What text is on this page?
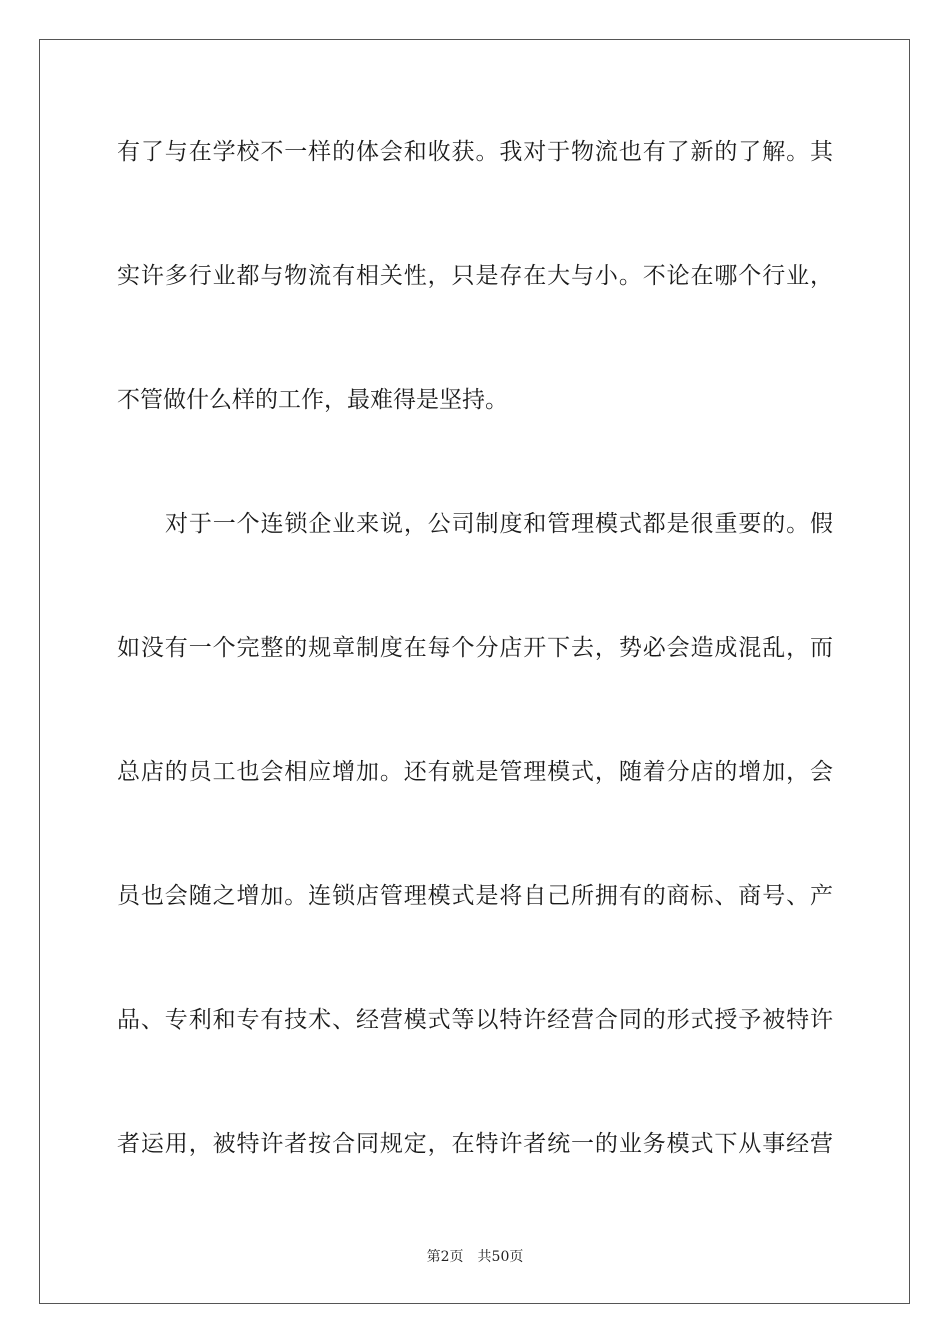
有了与在学校不一样的体会和收获。我对于物流也有了新的了解。其
实许多行业都与物流有相关性，只是存在大与小。不论在哪个行业，
不管做什么样的工作，最难得是坚持。
对于一个连锁企业来说，公司制度和管理模式都是很重要的。假
如没有一个完整的规章制度在每个分店开下去，势必会造成混乱，而
总店的员工也会相应增加。还有就是管理模式，随着分店的增加，会
员也会随之增加。连锁店管理模式是将自己所拥有的商标、商号、产
品、专利和专有技术、经营模式等以特许经营合同的形式授予被特许
者运用，被特许者按合同规定，在特许者统一的业务模式下从事经营
第2页 共50页
